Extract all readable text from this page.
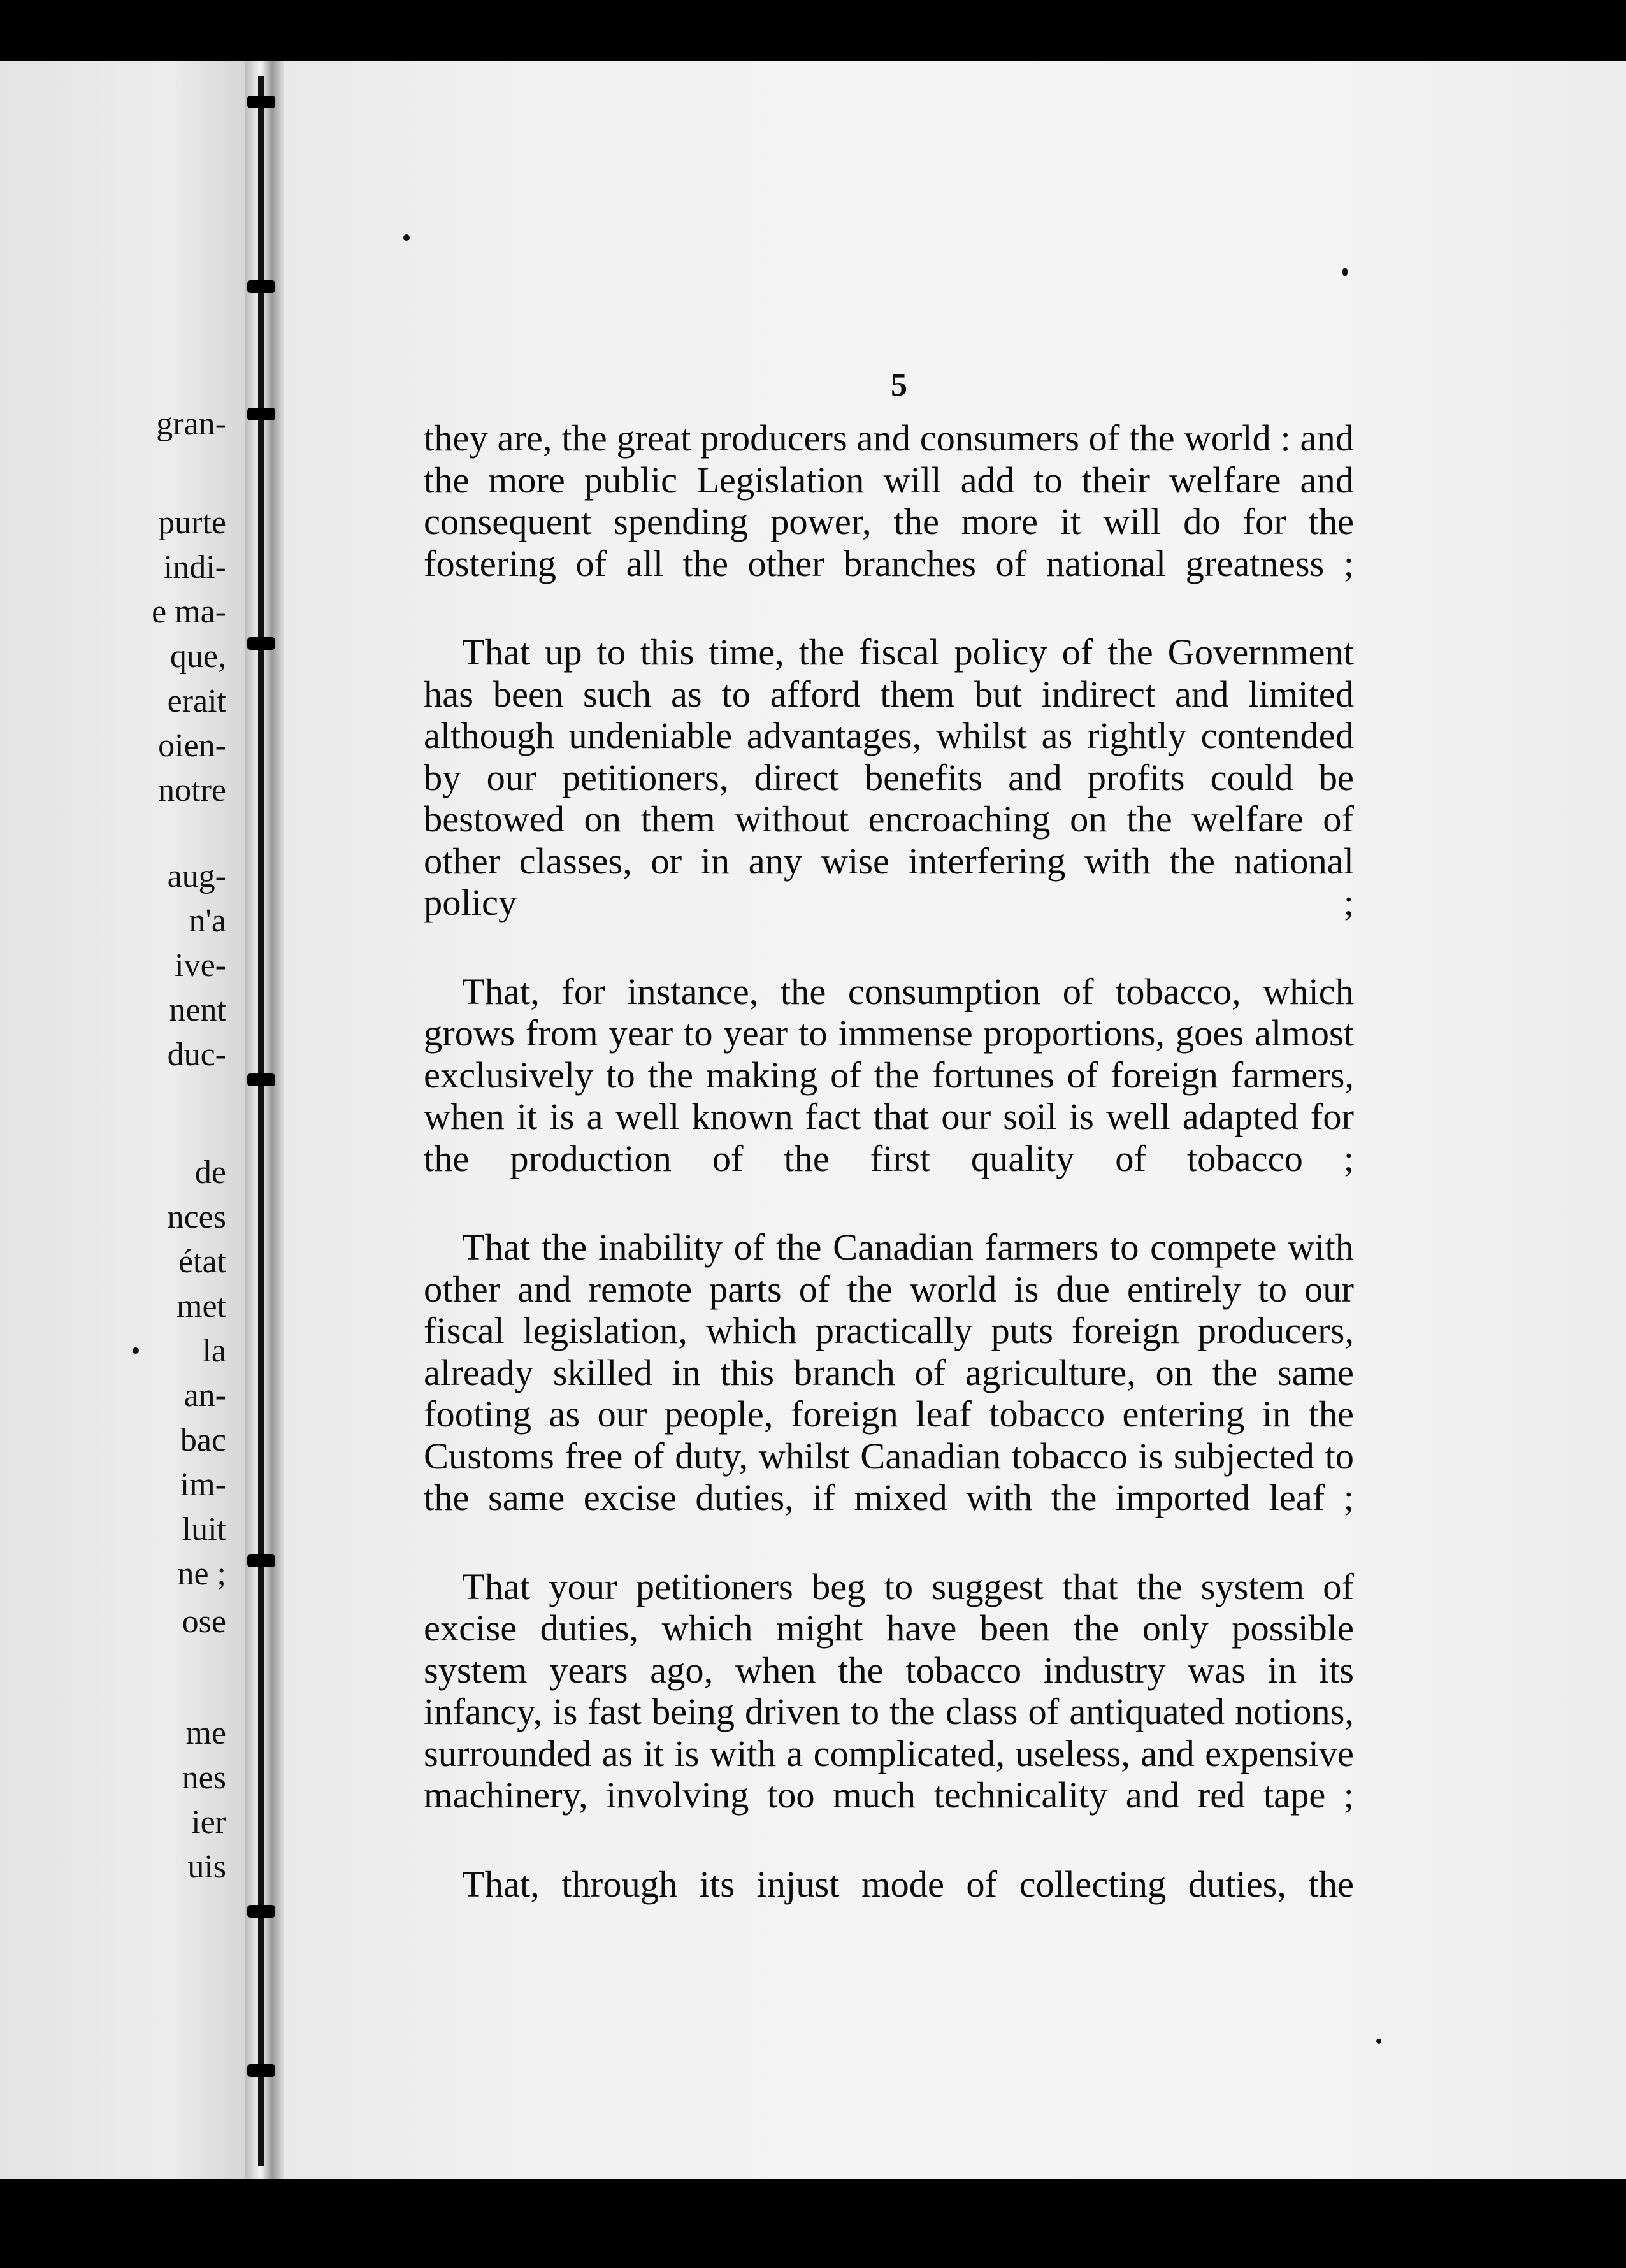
gran-
purte
indi-
e ma-
que,
erait
oien-
notre
aug-
n'a
ive-
nent
duc-
de
nces
état
met
la
an-
bac
im-
luit
ne ;
ose
me
nes
ier
uis
5

they are, the great producers and consumers of the world : and the more public Legislation will add to their welfare and consequent spending power, the more it will do for the fostering of all the other branches of national greatness ;

That up to this time, the fiscal policy of the Government has been such as to afford them but indirect and limited although undeniable advantages, whilst as rightly contended by our petitioners, direct benefits and profits could be bestowed on them without encroaching on the welfare of other classes, or in any wise interfering with the national policy ;

That, for instance, the consumption of tobacco, which grows from year to year to immense proportions, goes almost exclusively to the making of the fortunes of foreign farmers, when it is a well known fact that our soil is well adapted for the production of the first quality of tobacco ;

That the inability of the Canadian farmers to compete with other and remote parts of the world is due entirely to our fiscal legislation, which practically puts foreign producers, already skilled in this branch of agriculture, on the same footing as our people, foreign leaf tobacco entering in the Customs free of duty, whilst Canadian tobacco is subjected to the same excise duties, if mixed with the imported leaf ;

That your petitioners beg to suggest that the system of excise duties, which might have been the only possible system years ago, when the tobacco industry was in its infancy, is fast being driven to the class of antiquated notions, surrounded as it is with a complicated, useless, and expensive machinery, involving too much technicality and red tape ;

That, through its injust mode of collecting duties, the
